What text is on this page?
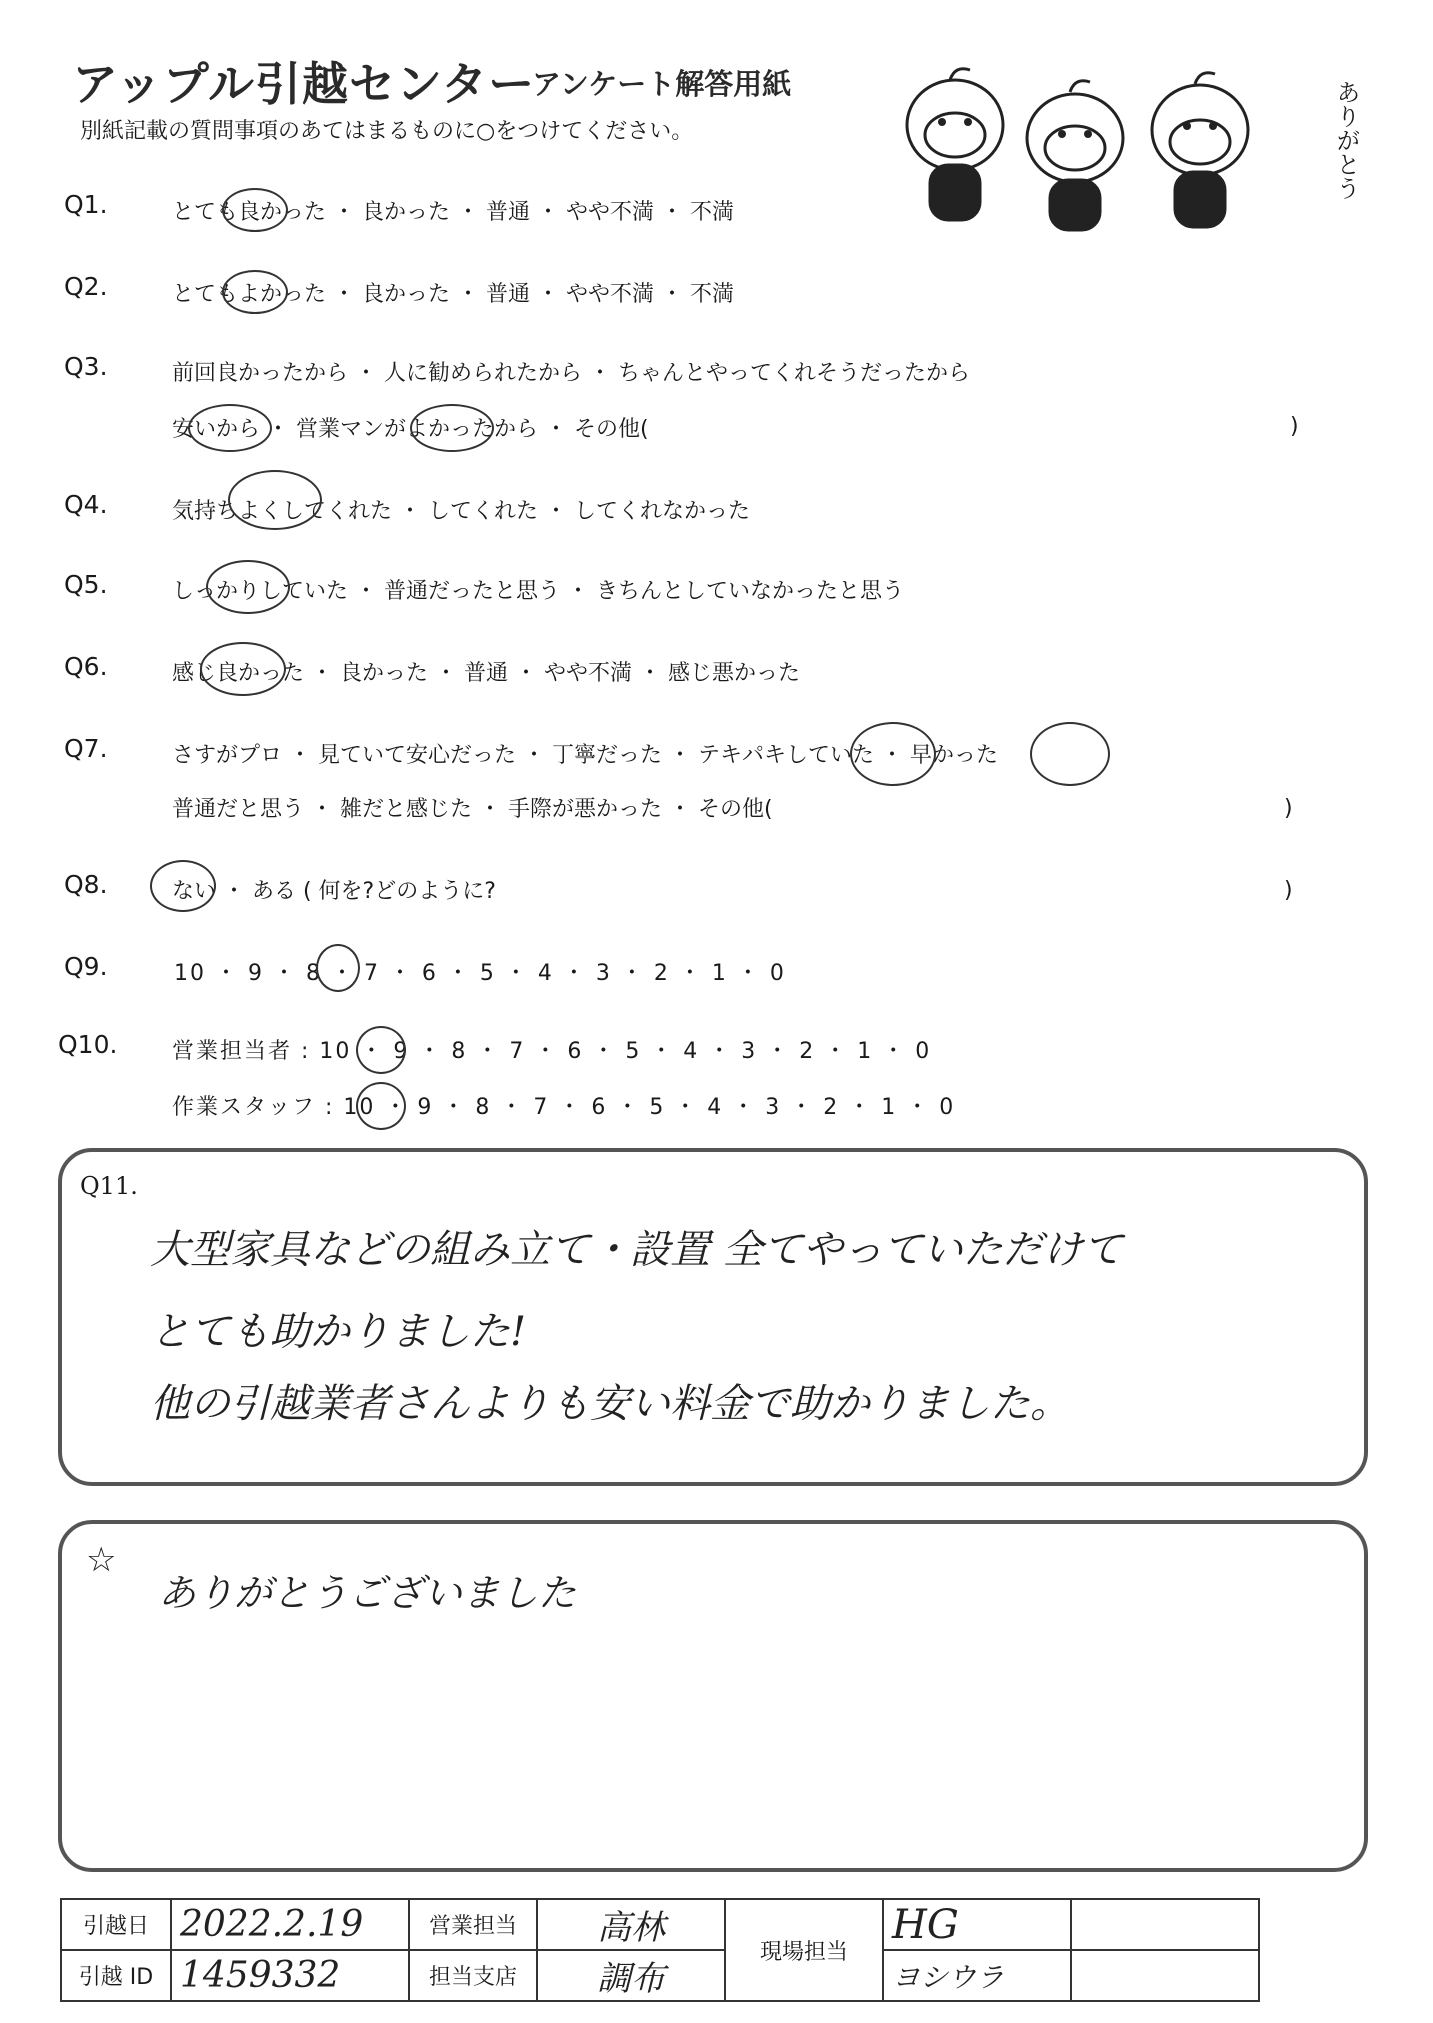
アップル引越センター
アンケート解答用紙
別紙記載の質問事項のあてはまるものに○をつけてください。	ありがとう
Q1.	とても良かった ・ 良かった ・ 普通 ・ やや不満 ・ 不満
Q2.	とてもよかった ・ 良かった ・ 普通 ・ やや不満 ・ 不満
Q3.	前回良かったから ・ 人に勧められたから ・ ちゃんとやってくれそうだったから
安いから ・ 営業マンがよかったから ・ その他(	)
Q4.	気持ちよくしてくれた ・ してくれた ・ してくれなかった
Q5.	しっかりしていた ・ 普通だったと思う ・ きちんとしていなかったと思う
Q6.	感じ良かった ・ 良かった ・ 普通 ・ やや不満 ・ 感じ悪かった
Q7.	さすがプロ ・ 見ていて安心だった ・ 丁寧だった ・ テキパキしていた ・ 早かった
普通だと思う ・ 雑だと感じた ・ 手際が悪かった ・ その他(	)
Q8.	ない ・ ある ( 何を?どのように?	)
Q9.	10 ・ 9 ・ 8 ・ 7 ・ 6 ・ 5 ・ 4 ・ 3 ・ 2 ・ 1 ・ 0
Q10. 営業担当者 : 10 ・ 9 ・ 8 ・ 7 ・ 6 ・ 5 ・ 4 ・ 3 ・ 2 ・ 1 ・ 0
作業スタッフ : 10 ・ 9 ・ 8 ・ 7 ・ 6 ・ 5 ・ 4 ・ 3 ・ 2 ・ 1 ・ 0
Q11.
大型家具などの組み立て・設置 全てやっていただけて
とても助かりました!
他の引越業者さんよりも安い料金で助かりました。
☆
ありがとうございました
引越日	2022.2.19	営業担当	高林	現場担当	HG	
引越 ID	1459332	担当支店	調布		ヨシウラ	
